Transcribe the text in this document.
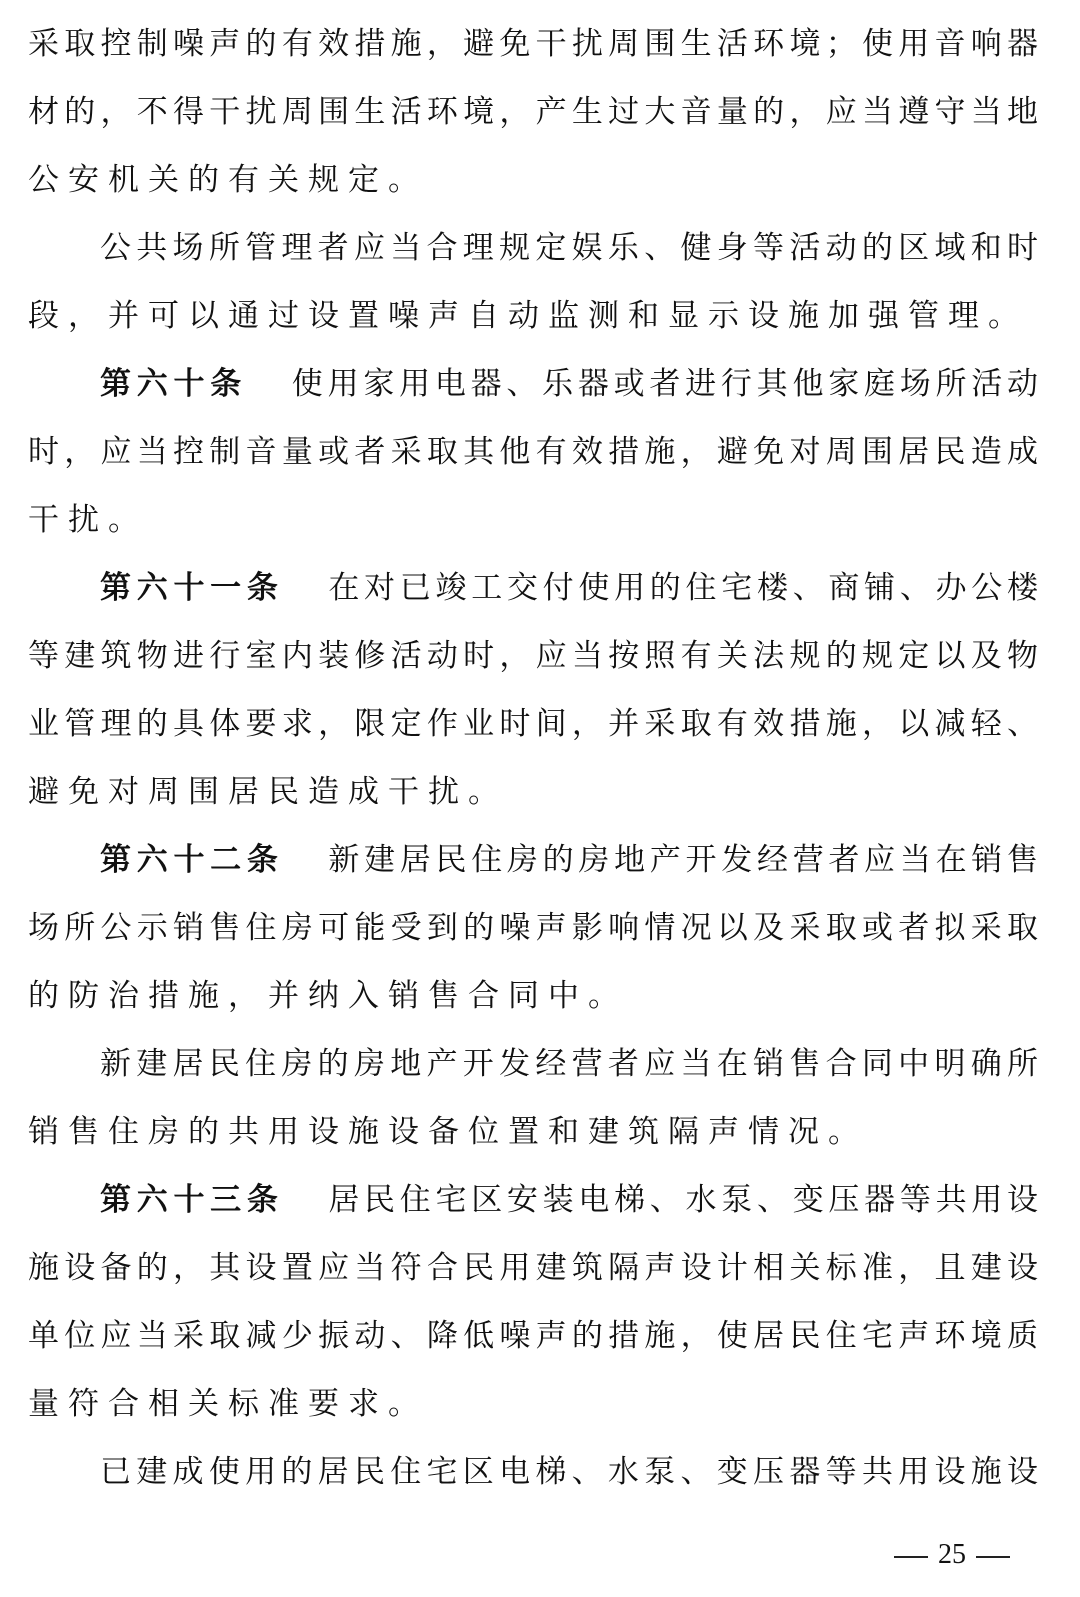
采取控制噪声的有效措施，避免干扰周围生活环境；使用音响器
材的，不得干扰周围生活环境，产生过大音量的，应当遵守当地
公安机关的有关规定。
公共场所管理者应当合理规定娱乐、健身等活动的区域和时
段，并可以通过设置噪声自动监测和显示设施加强管理。
第六十条 使用家用电器、乐器或者进行其他家庭场所活动
时，应当控制音量或者采取其他有效措施，避免对周围居民造成
干扰。
第六十一条 在对已竣工交付使用的住宅楼、商铺、办公楼
等建筑物进行室内装修活动时，应当按照有关法规的规定以及物
业管理的具体要求，限定作业时间，并采取有效措施，以减轻、
避免对周围居民造成干扰。
第六十二条 新建居民住房的房地产开发经营者应当在销售
场所公示销售住房可能受到的噪声影响情况以及采取或者拟采取
的防治措施，并纳入销售合同中。
新建居民住房的房地产开发经营者应当在销售合同中明确所
销售住房的共用设施设备位置和建筑隔声情况。
第六十三条 居民住宅区安装电梯、水泵、变压器等共用设
施设备的，其设置应当符合民用建筑隔声设计相关标准，且建设
单位应当采取减少振动、降低噪声的措施，使居民住宅声环境质
量符合相关标准要求。
已建成使用的居民住宅区电梯、水泵、变压器等共用设施设
25
